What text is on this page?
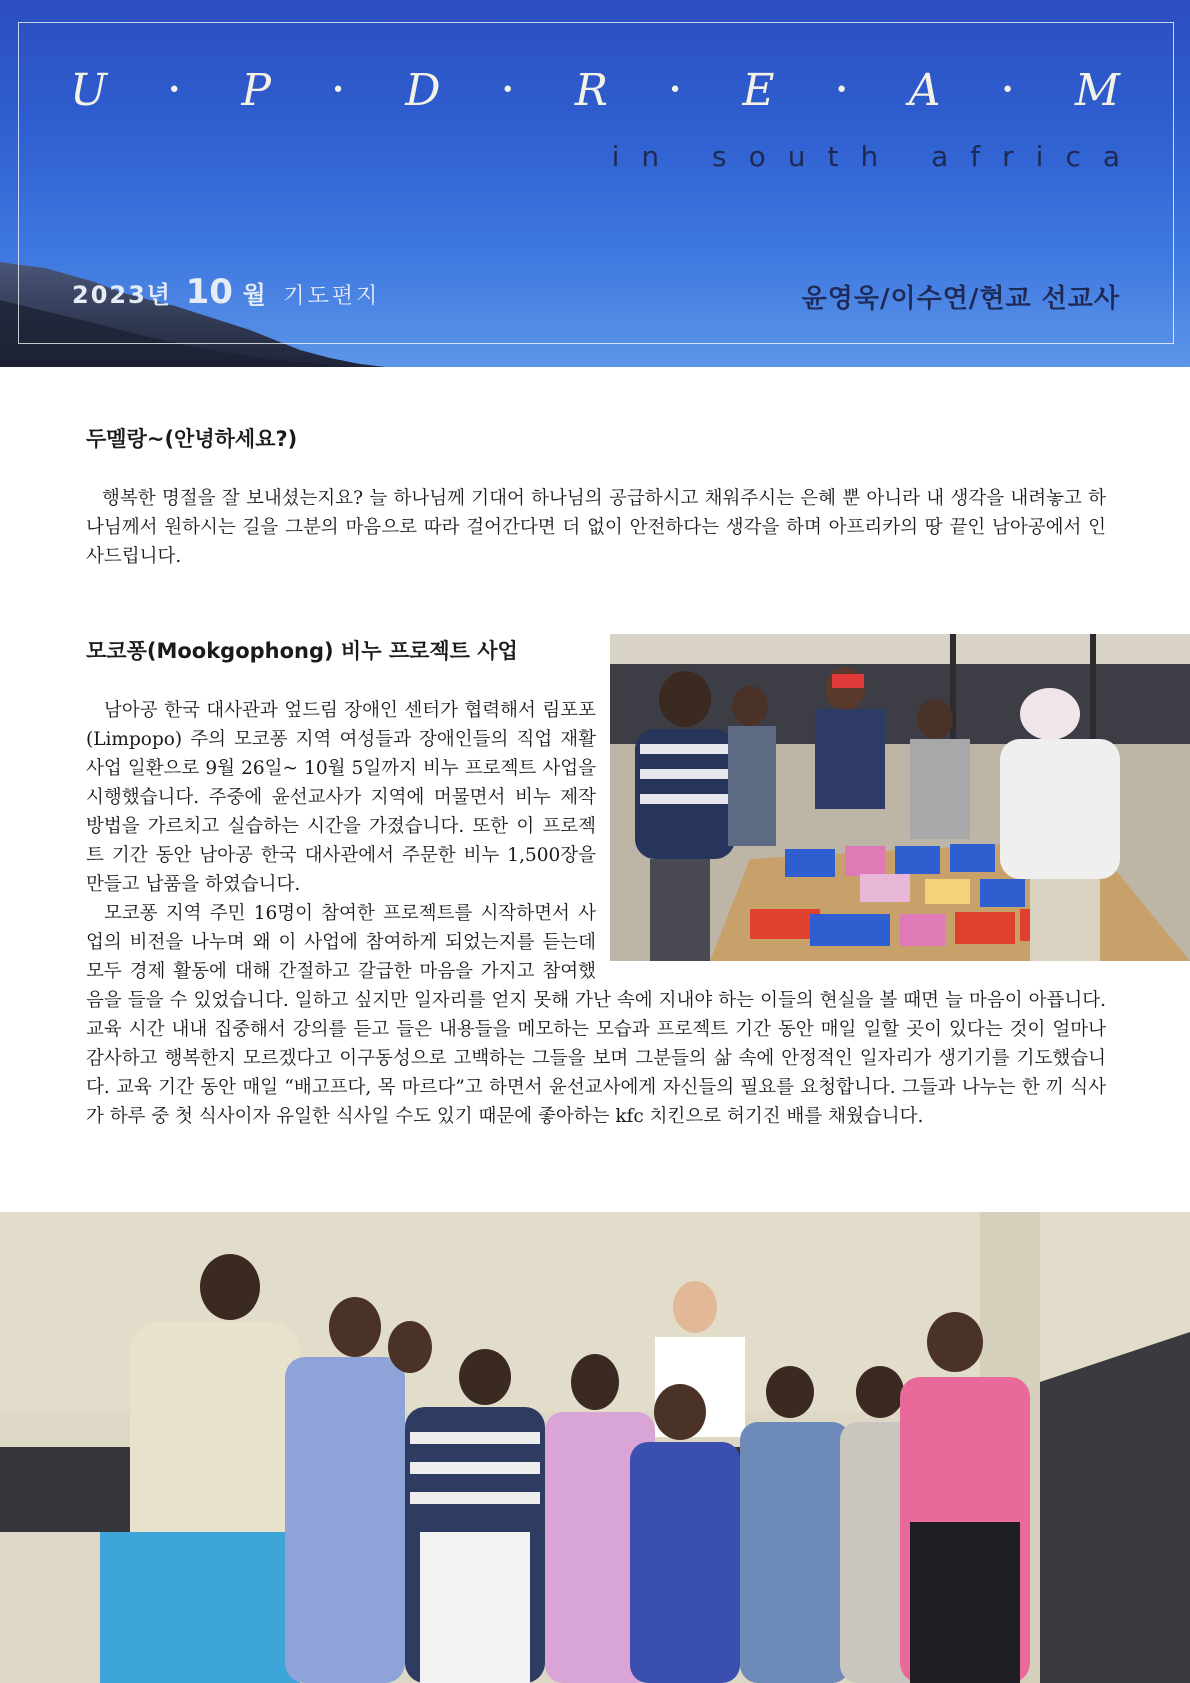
U	• P	• D	• R	• E	• A	• M
in south africa
2023년 10 월 기도편지	윤영욱/이수연/현교 선교사
두멜랑~(안녕하세요?)

행복한 명절을 잘 보내셨는지요? 늘 하나님께 기대어 하나님의 공급하시고 채워주시는 은혜 뿐 아니라 내 생각을 내려놓고 하나님께서 원하시는 길을 그분의 마음으로 따라 걸어간다면 더 없이 안전하다는 생각을 하며 아프리카의 땅 끝인 남아공에서 인사드립니다.

모코퐁(Mookgophong) 비누 프로젝트 사업

남아공 한국 대사관과 엎드림 장애인 센터가 협력해서 림포포(Limpopo) 주의 모코퐁 지역 여성들과 장애인들의 직업 재활 사업 일환으로 9월 26일~ 10월 5일까지 비누 프로젝트 사업을 시행했습니다. 주중에 윤선교사가 지역에 머물면서 비누 제작 방법을 가르치고 실습하는 시간을 가졌습니다. 또한 이 프로젝트 기간 동안 남아공 한국 대사관에서 주문한 비누 1,500장을 만들고 납품을 하였습니다.

모코퐁 지역 주민 16명이 참여한 프로젝트를 시작하면서 사업의 비전을 나누며 왜 이 사업에 참여하게 되었는지를 듣는데 모두 경제 활동에 대해 간절하고 갈급한 마음을 가지고 참여했음을 들을 수 있었습니다. 일하고 싶지만 일자리를 얻지 못해 가난 속에 지내야 하는 이들의 현실을 볼 때면 늘 마음이 아픕니다. 교육 시간 내내 집중해서 강의를 듣고 들은 내용들을 메모하는 모습과 프로젝트 기간 동안 매일 일할 곳이 있다는 것이 얼마나 감사하고 행복한지 모르겠다고 이구동성으로 고백하는 그들을 보며 그분들의 삶 속에 안정적인 일자리가 생기기를 기도했습니다. 교육 기간 동안 매일 “배고프다, 목 마르다”고 하면서 윤선교사에게 자신들의 필요를 요청합니다. 그들과 나누는 한 끼 식사가 하루 중 첫 식사이자 유일한 식사일 수도 있기 때문에 좋아하는 kfc 치킨으로 허기진 배를 채웠습니다.
